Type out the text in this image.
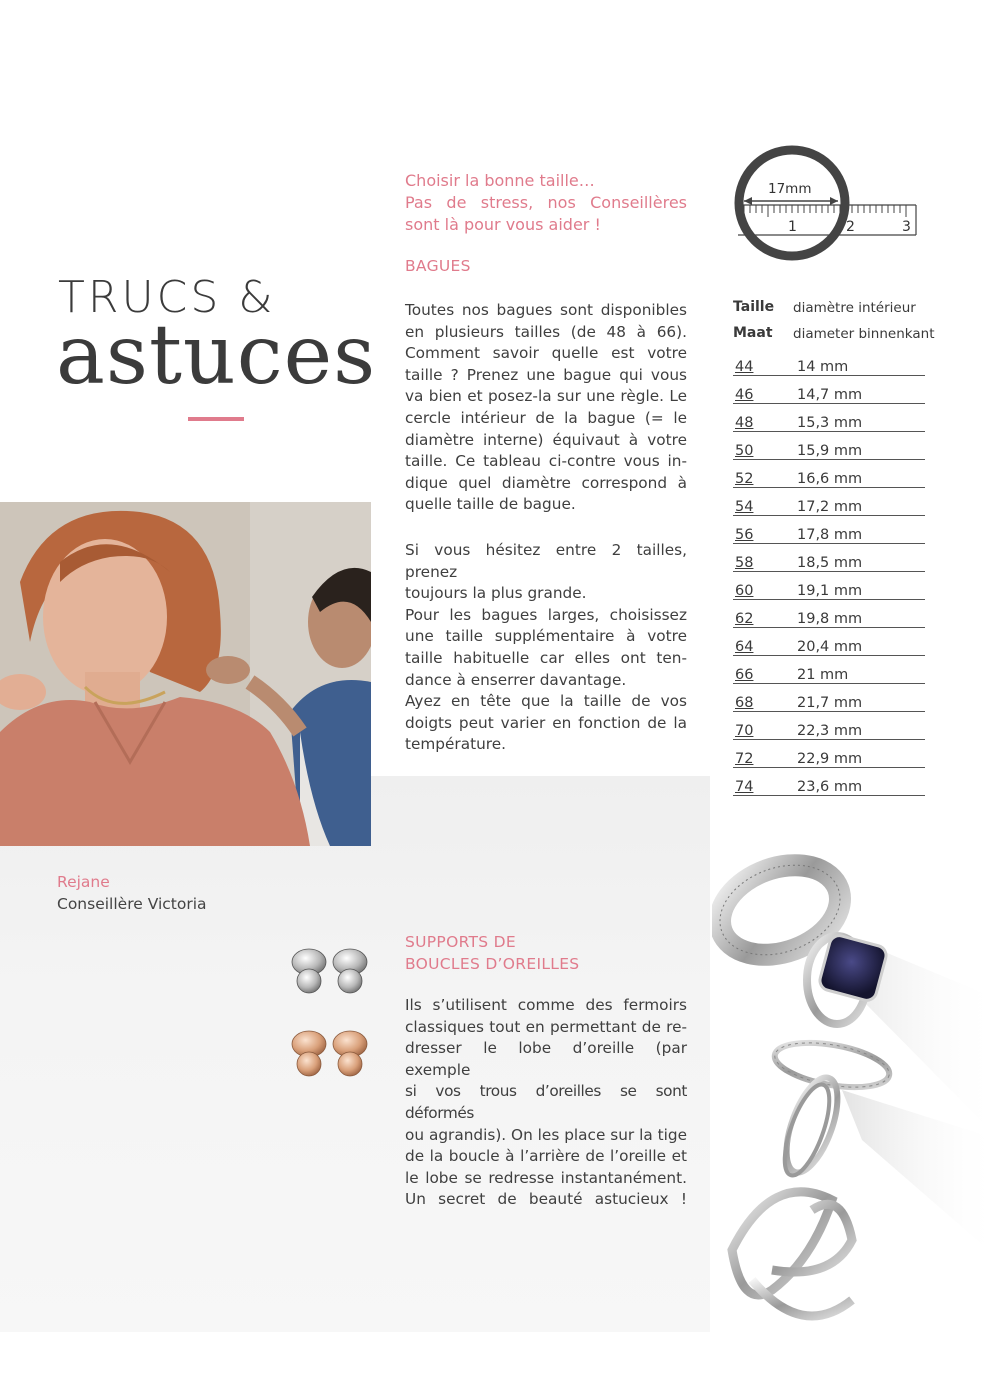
TRUCS &
astuces
Rejane
Conseillère Victoria
Choisir la bonne taille…
Pas de stress, nos Conseillères
sont là pour vous aider !
BAGUES
Toutes nos bagues sont disponibles
en plusieurs tailles (de 48 à 66).
Comment savoir quelle est votre
taille ? Prenez une bague qui vous
va bien et posez-la sur une règle. Le
cercle intérieur de la bague (= le
diamètre interne) équivaut à votre
taille. Ce tableau ci-contre vous in-
dique quel diamètre correspond à
quelle taille de bague.
Si vous hésitez entre 2 tailles, prenez
toujours la plus grande.
Pour les bagues larges, choisissez
une taille supplémentaire à votre
taille habituelle car elles ont ten-
dance à enserrer davantage.
Ayez en tête que la taille de vos
doigts peut varier en fonction de la
température.
17mm
1	2	3
Taille diamètre intérieur
Maat diameter binnenkant
44	14 mm
46	14,7 mm
48	15,3 mm
50	15,9 mm
52	16,6 mm
54	17,2 mm
56	17,8 mm
58	18,5 mm
60	19,1 mm
62	19,8 mm
64	20,4 mm
66	21 mm
68	21,7 mm
70	22,3 mm
72	22,9 mm
74	23,6 mm
SUPPORTS DE
BOUCLES D’OREILLES
Ils s’utilisent comme des fermoirs
classiques tout en permettant de re-
dresser le lobe d’oreille (par exemple
si vos trous d’oreilles se sont déformés
ou agrandis). On les place sur la tige
de la boucle à l’arrière de l’oreille et
le lobe se redresse instantanément.
Un secret de beauté astucieux !
